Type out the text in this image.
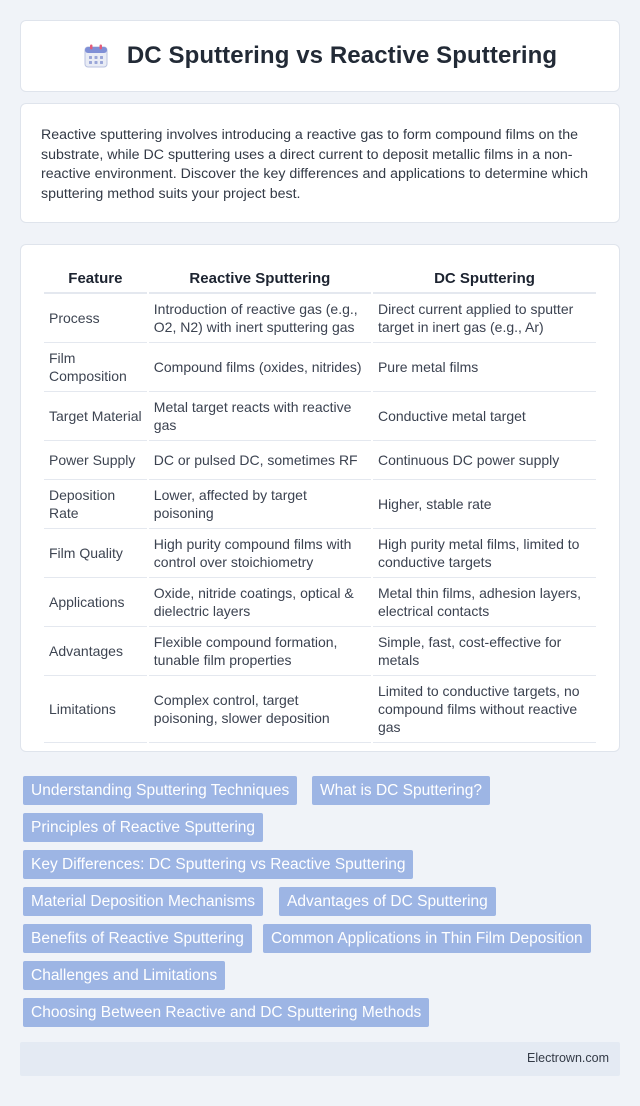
DC Sputtering vs Reactive Sputtering

Reactive sputtering involves introducing a reactive gas to form compound films on the substrate, while DC sputtering uses a direct current to deposit metallic films in a non-reactive environment. Discover the key differences and applications to determine which sputtering method suits your project best.

Feature	Reactive Sputtering	DC Sputtering
Process	Introduction of reactive gas (e.g., O2, N2) with inert sputtering gas	Direct current applied to sputter target in inert gas (e.g., Ar)
Film Composition	Compound films (oxides, nitrides)	Pure metal films
Target Material	Metal target reacts with reactive gas	Conductive metal target
Power Supply	DC or pulsed DC, sometimes RF	Continuous DC power supply
Deposition Rate	Lower, affected by target poisoning	Higher, stable rate
Film Quality	High purity compound films with control over stoichiometry	High purity metal films, limited to conductive targets
Applications	Oxide, nitride coatings, optical & dielectric layers	Metal thin films, adhesion layers, electrical contacts
Advantages	Flexible compound formation, tunable film properties	Simple, fast, cost-effective for metals
Limitations	Complex control, target poisoning, slower deposition	Limited to conductive targets, no compound films without reactive gas
Understanding Sputtering Techniques	What is DC Sputtering?
Principles of Reactive Sputtering
Key Differences: DC Sputtering vs Reactive Sputtering
Material Deposition Mechanisms	Advantages of DC Sputtering
Benefits of Reactive Sputtering	Common Applications in Thin Film Deposition
Challenges and Limitations
Choosing Between Reactive and DC Sputtering Methods
Electrown.com
